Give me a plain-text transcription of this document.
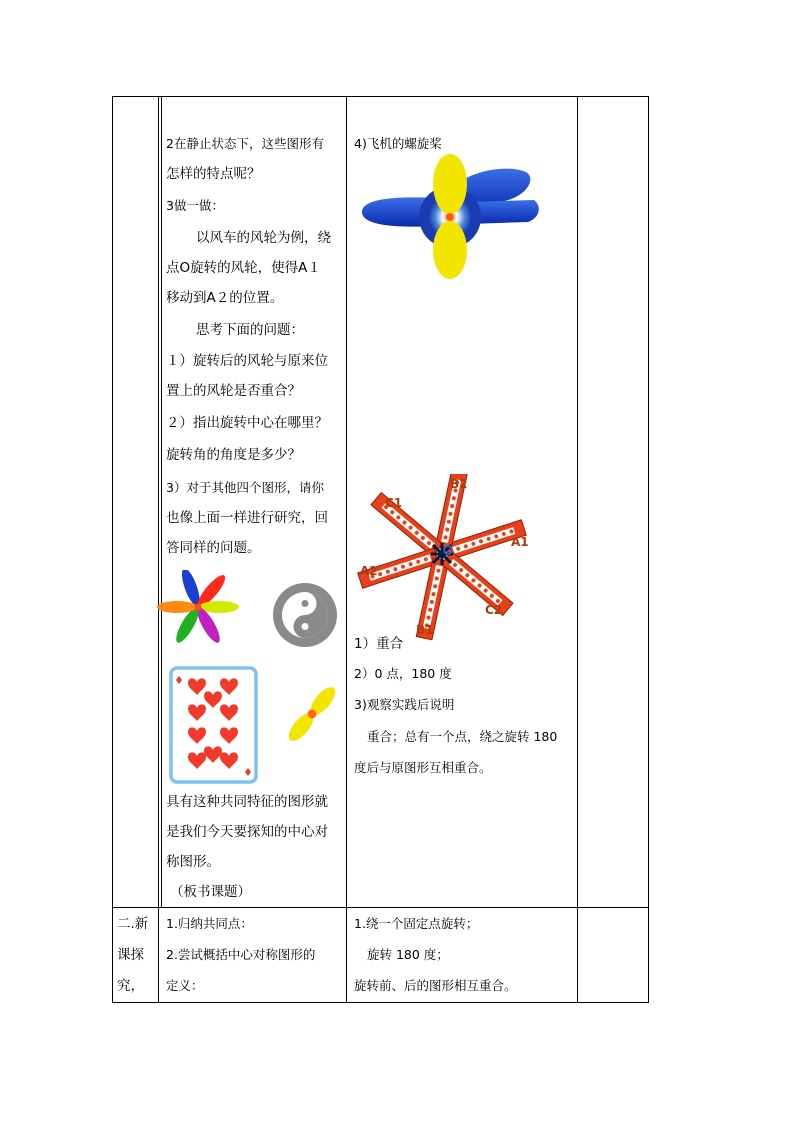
2在静止状态下，这些图形有
怎样的特点呢？
3做一做：
以风车的风轮为例，绕
点O旋转的风轮，使得A１
移动到A２的位置。
思考下面的问题：
１）旋转后的风轮与原来位
置上的风轮是否重合？
２）指出旋转中心在哪里？
旋转角的角度是多少？
3）对于其他四个图形，请你
也像上面一样进行研究，回
答同样的问题。
具有这种共同特征的图形就
是我们今天要探知的中心对
称图形。
（板书课题）
4)飞机的螺旋桨
B2
C1
A1
A2
C2
B1
1）重合
2）0 点，180 度
3)观察实践后说明
重合；总有一个点，绕之旋转 180
度后与原图形互相重合。
二.新
课探
究，
1.归纳共同点：
2.尝试概括中心对称图形的
定义：
1.绕一个固定点旋转；
旋转 180 度；
旋转前、后的图形相互重合。
